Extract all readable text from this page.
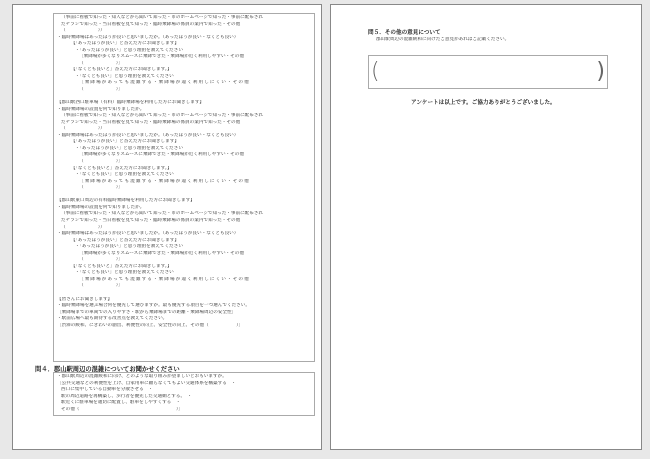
（事前に看板で知った・知人などから聞いて知った・市のホームページで知った・事前に配布され
たチラシで知った・当日看板を見て知った・臨時乗降場の係員の案内で知った・その他
（　　　　　　　））
・臨時乗降場はあったほうが良いと思いましたか。（あったほうが良い・なくとも良い）
【「あったほうが良い」と答えた方にお聞きします】
・「あったほうが良い」と思う理由を教えてください
［乗降場が多くなりスムースに乗降できた・乗降場が近く利用しやすい・その他
（　　　　　　　）］
【「なくとも良いと」答えた方にお聞きします。】
・「なくとも良い」と思う理由を教えてください
［乗降場があっても混雑する・乗降場が遠く利用しにくい・その他
（　　　　　　　）］

【郡山駅西口駐車場（有料）臨時乗降場を利用した方にお聞きします】
・臨時乗降場の設置を何で知りましたか。
（事前に看板で知った・知人などから聞いて知った・市のホームページで知った・事前に配布され
たチラシで知った・当日看板を見て知った・臨時乗降場の係員の案内で知った・その他
（　　　　　　　））
・臨時乗降場はあったほうが良いと思いましたか。（あったほうが良い・なくとも良い）
【「あったほうが良い」と答えた方にお聞きします】
・「あったほうが良い」と思う理由を教えてください
［乗降場が多くなりスムースに乗降できた・乗降場が近く利用しやすい・その他
（　　　　　　　）］
【「なくとも良いと」答えた方にお聞きします。】
・「なくとも良い」と思う理由を教えてください
［乗降場があっても混雑する・乗降場が遠く利用しにくい・その他
（　　　　　　　）］

【郡山駅東口周辺の有料臨時乗降場を利用した方にお聞きします】
・臨時乗降場の設置を何で知りましたか。
（事前に看板で知った・知人などから聞いて知った・市のホームページで知った・事前に配布され
たチラシで知った・当日看板を見て知った・臨時乗降場の係員の案内で知った・その他
（　　　　　　　））
・臨時乗降場はあったほうが良いと思いましたか。（あったほうが良い・なくとも良い）
【「あったほうが良い」と答えた方にお聞きします】
・「あったほうが良い」と思う理由を教えてください
［乗降場が多くなりスムースに乗降できた・乗降場が近く利用しやすい・その他
（　　　　　　　）］
【「なくとも良いと」答えた方にお聞きします。】
・「なくとも良い」と思う理由を教えてください
［乗降場があっても混雑する・乗降場が遠く利用しにくい・その他
（　　　　　　　）］

【皆さんにお聞きします】
・臨時乗降場を選ぶ場合何を優先して選びますか。最も優先する項目を一つ選んでください。
［乗降場までの車両での入りやすさ・駅から乗降場までの距離・乗降場周辺の安全性］
・駅前広場へ最も期待する改善点を教えてください。
［渋滞の緩和、にぎわいの創出、利便性の向上、安全性の向上、その他（　　　　　　）］
問４．郡山駅周辺の混雑についてお聞かせください
・郡山駅周辺の混雑緩和に向け、どのような取り組みが望ましいとおもいますか。
［公共交通などの利便性を上げ、自家用車に頼らなくてもよい交通体系を構築する　・
西口に集中している自動車を分散させる　・
駅の周辺道路を再構築し、歩行者を優先した交通網とする。　・
駅近くに駐車場を適切に配置し、駐車をしやすくする　・
その他（　　　　　　　　　　　　　　　　　　　　　）］
問５．その他の意見について
郡山駅周辺の混雑緩和に向けたご意見があればご記載ください。
(	)
アンケートは以上です。ご協力ありがとうございました。
